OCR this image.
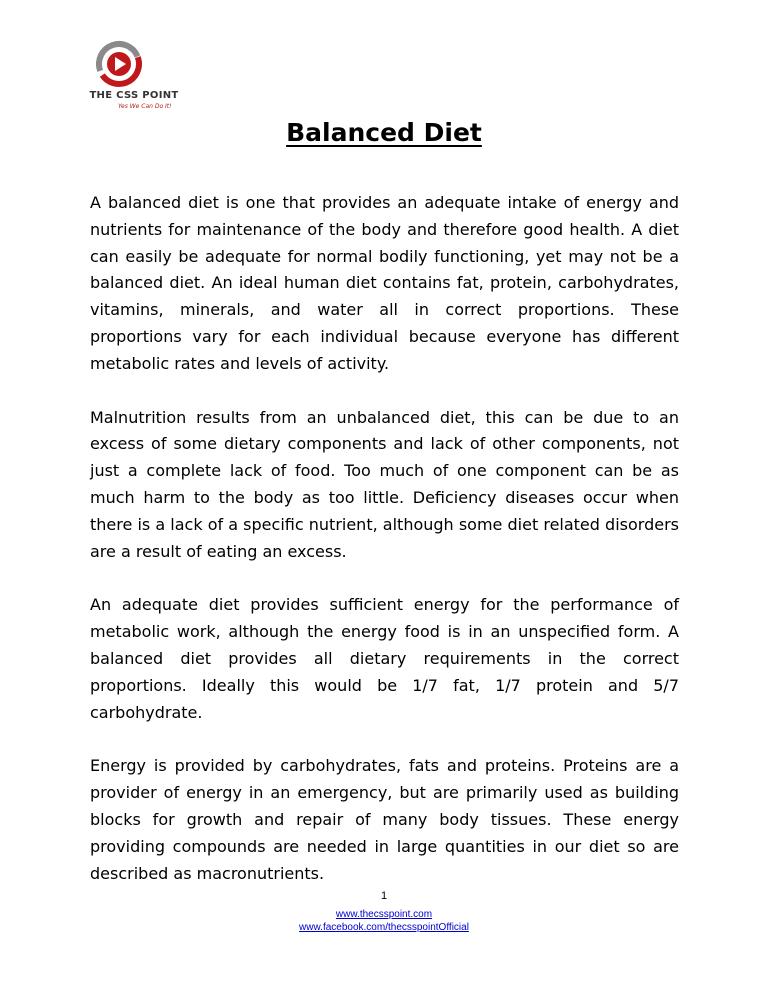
THE CSS POINT
Yes We Can Do It!
Balanced Diet

A balanced diet is one that provides an adequate intake of energy and nutrients for maintenance of the body and therefore good health. A diet can easily be adequate for normal bodily functioning, yet may not be a balanced diet. An ideal human diet contains fat, protein, carbohydrates, vitamins, minerals, and water all in correct proportions. These proportions vary for each individual because everyone has different metabolic rates and levels of activity.

Malnutrition results from an unbalanced diet, this can be due to an excess of some dietary components and lack of other components, not just a complete lack of food. Too much of one component can be as much harm to the body as too little. Deficiency diseases occur when there is a lack of a specific nutrient, although some diet related disorders are a result of eating an excess.

An adequate diet provides sufficient energy for the performance of metabolic work, although the energy food is in an unspecified form. A balanced diet provides all dietary requirements in the correct proportions. Ideally this would be 1/7 fat, 1/7 protein and 5/7 carbohydrate.

Energy is provided by carbohydrates, fats and proteins. Proteins are a provider of energy in an emergency, but are primarily used as building blocks for growth and repair of many body tissues. These energy providing compounds are needed in large quantities in our diet so are described as macronutrients.

1
www.thecsspoint.com
www.facebook.com/thecsspointOfficial
